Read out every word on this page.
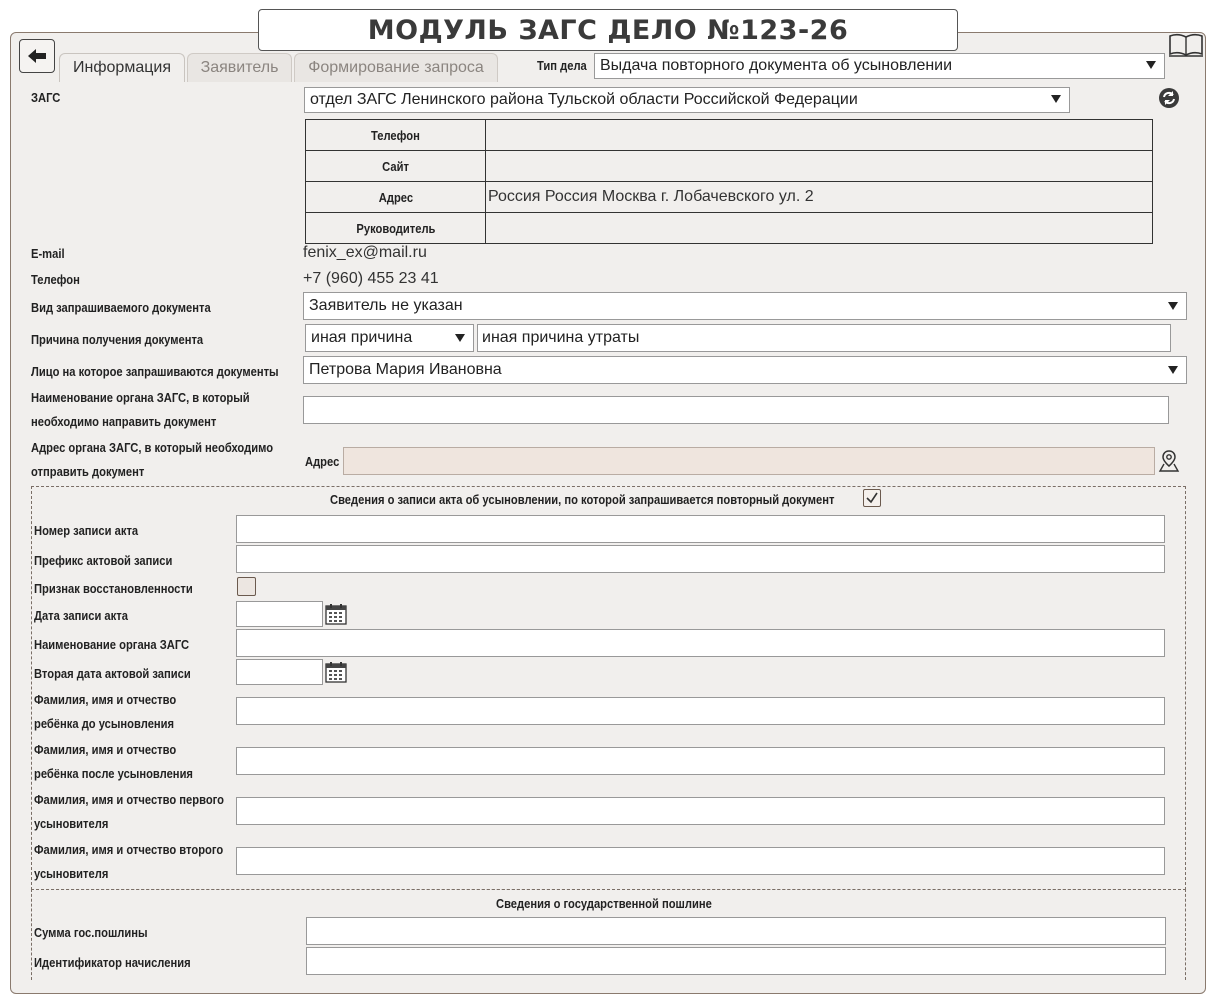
МОДУЛЬ ЗАГС ДЕЛО №123-26
Информация	Заявитель	Формирование запроса	Тип дела Выдача повторного документа об усыновлении
ЗАГС	отдел ЗАГС Ленинского района Тульской области Российской Федерации
Телефон	
Сайт	
Адрес	Россия Россия Москва г. Лобачевского ул. 2
Руководитель	
E-mail	fenix_ex@mail.ru
Телефон	+7 (960) 455 23 41
Вид запрашиваемого документа	Заявитель не указан
Причина получения документа	иная причина	иная причина утраты
Лицо на которое запрашиваются документы Петрова Мария Ивановна
Наименование органа ЗАГС, в который
необходимо направить документ
Адрес органа ЗАГС, в который необходимо
отправить документ
Адрес
Сведения о записи акта об усыновлении, по которой запрашивается повторный документ
Номер записи акта
Префикс актовой записи
Признак восстановленности
Дата записи акта
Наименование органа ЗАГС
Вторая дата актовой записи
Фамилия, имя и отчество
ребёнка до усыновления
Фамилия, имя и отчество
ребёнка после усыновления
Фамилия, имя и отчество первого
усыновителя
Фамилия, имя и отчество второго
усыновителя
Сведения о государственной пошлине
Сумма гос.пошлины
Идентификатор начисления
